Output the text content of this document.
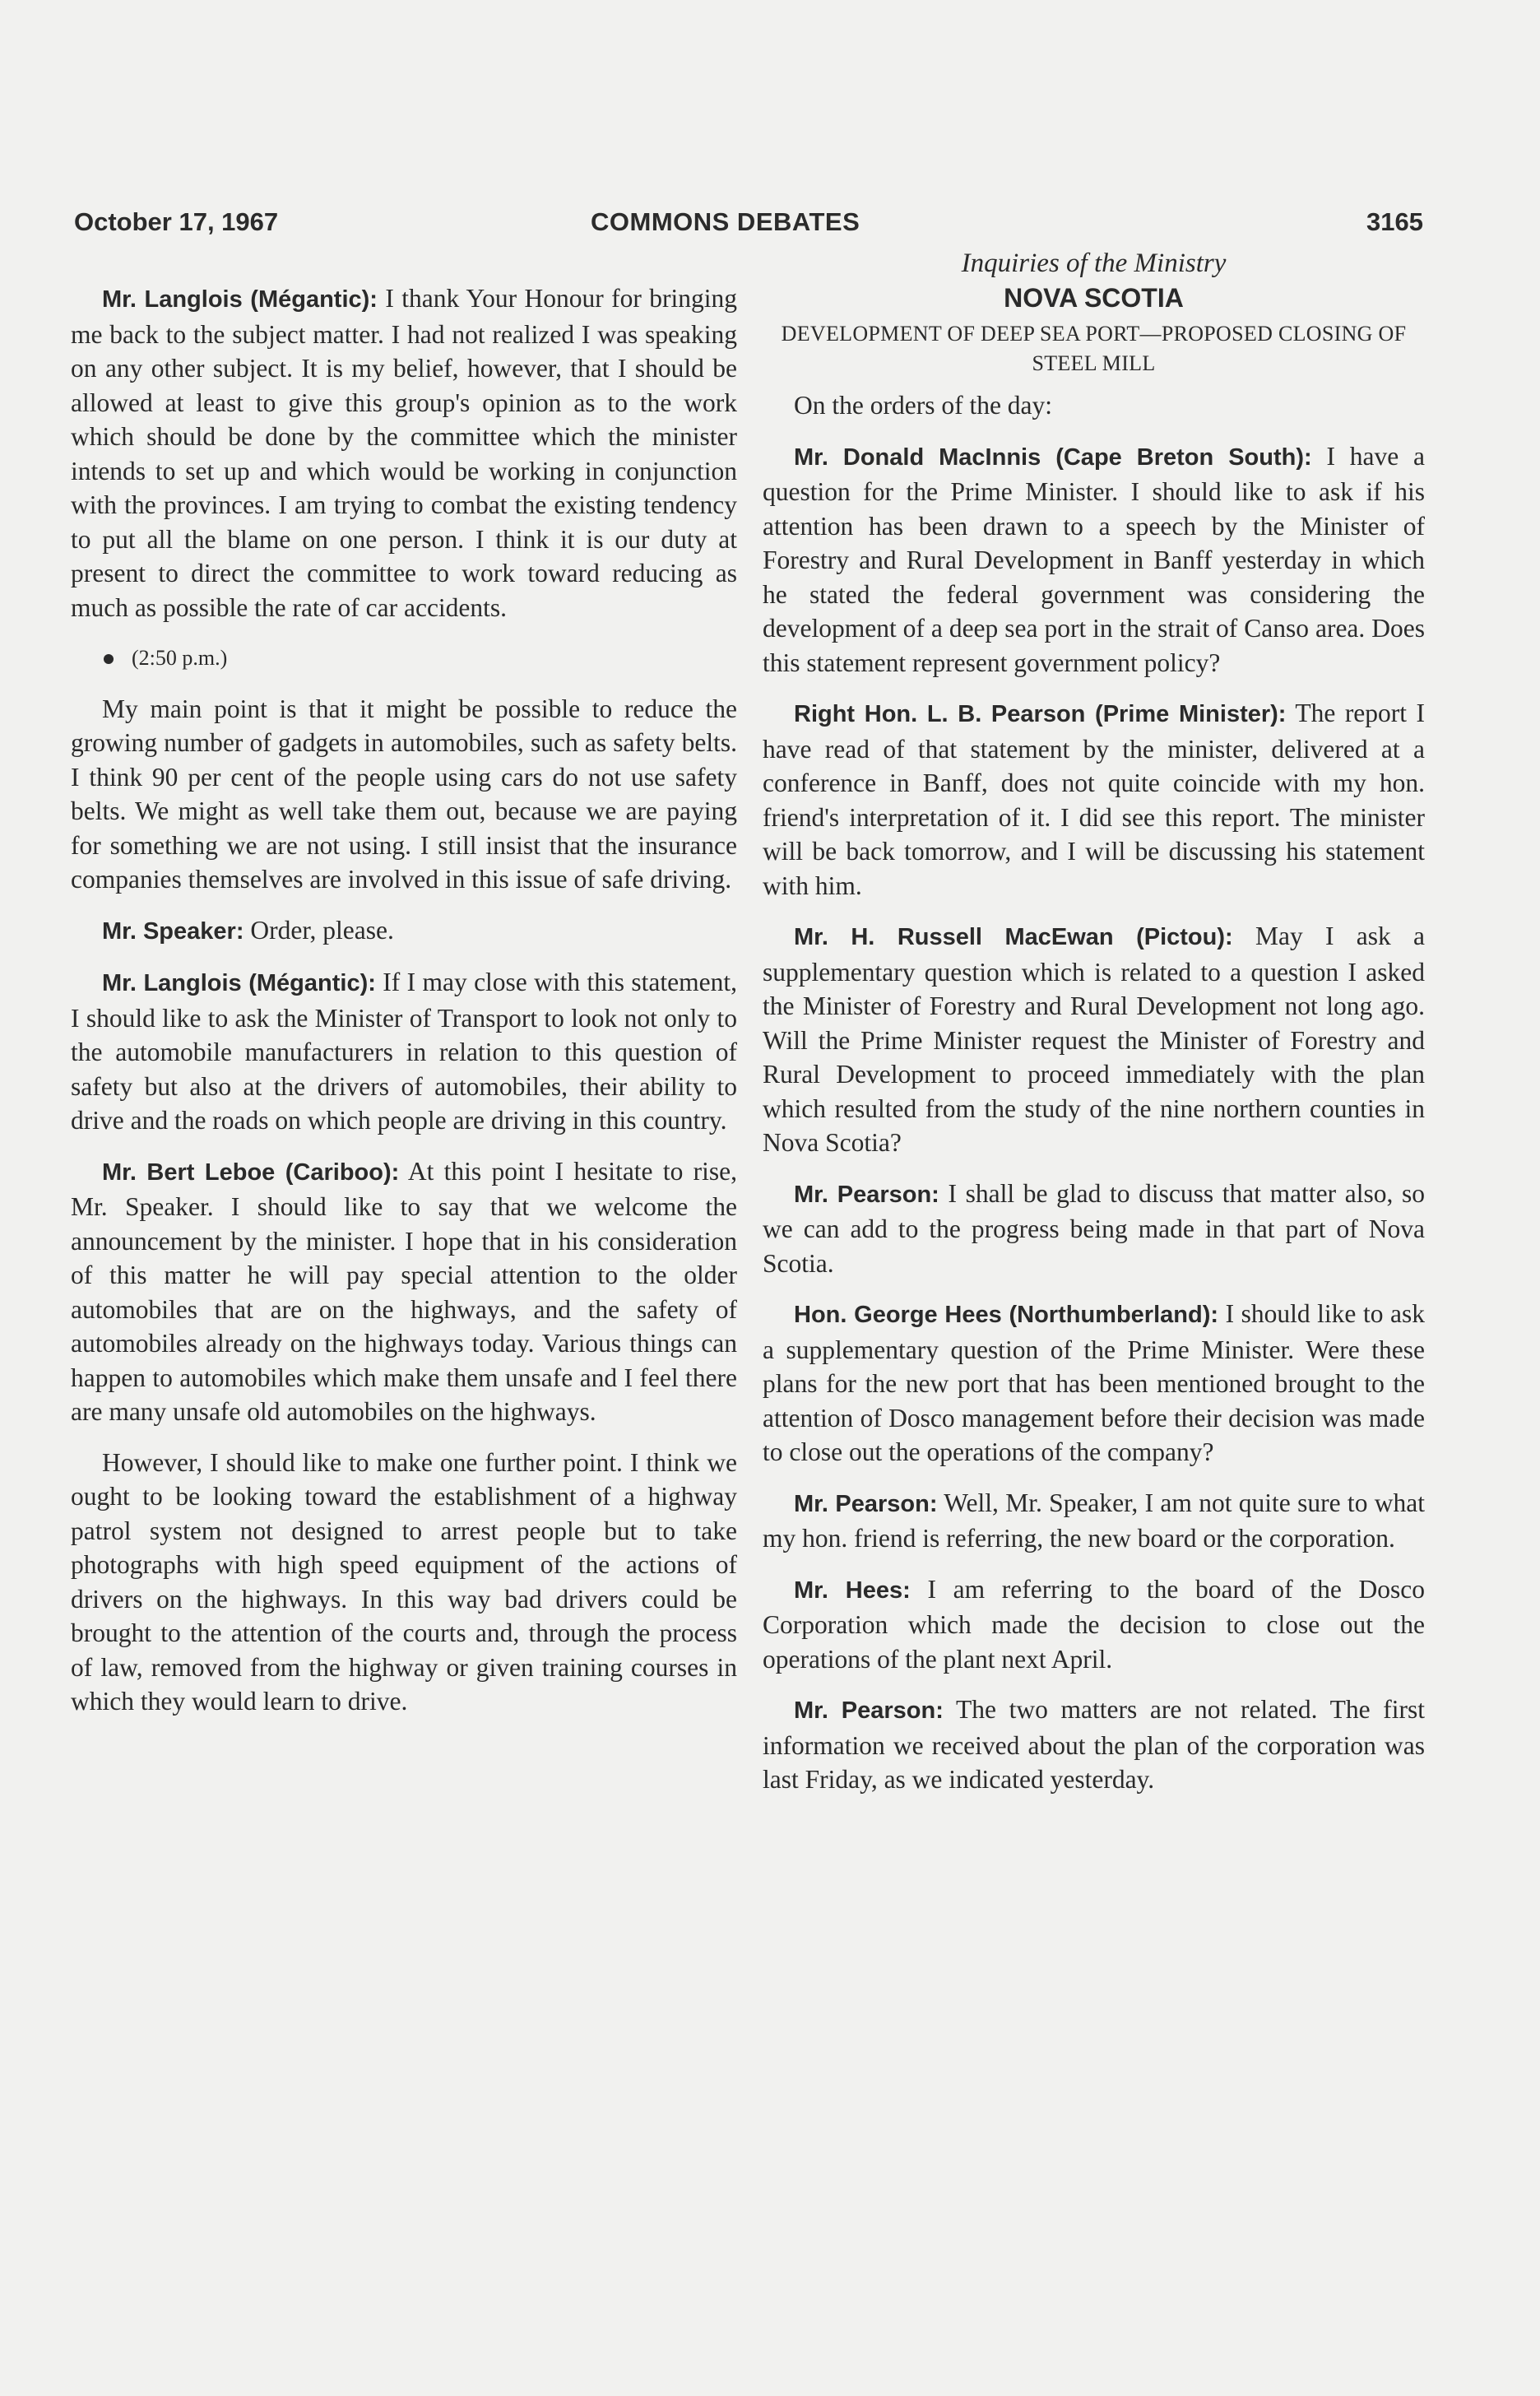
October 17, 1967	COMMONS DEBATES	3165

Mr. Langlois (Mégantic): I thank Your Honour for bringing me back to the subject matter. I had not realized I was speaking on any other subject. It is my belief, however, that I should be allowed at least to give this group's opinion as to the work which should be done by the committee which the minister intends to set up and which would be working in conjunction with the provinces. I am trying to combat the existing tendency to put all the blame on one person. I think it is our duty at present to direct the committee to work toward reducing as much as possible the rate of car accidents.

(2:50 p.m.)

My main point is that it might be possible to reduce the growing number of gadgets in automobiles, such as safety belts. I think 90 per cent of the people using cars do not use safety belts. We might as well take them out, because we are paying for something we are not using. I still insist that the insurance companies themselves are involved in this issue of safe driving.

Mr. Speaker: Order, please.

Mr. Langlois (Mégantic): If I may close with this statement, I should like to ask the Minister of Transport to look not only to the automobile manufacturers in relation to this question of safety but also at the drivers of automobiles, their ability to drive and the roads on which people are driving in this country.

Mr. Bert Leboe (Cariboo): At this point I hesitate to rise, Mr. Speaker. I should like to say that we welcome the announcement by the minister. I hope that in his consideration of this matter he will pay special attention to the older automobiles that are on the highways, and the safety of automobiles already on the highways today. Various things can happen to automobiles which make them unsafe and I feel there are many unsafe old automobiles on the highways.

However, I should like to make one further point. I think we ought to be looking toward the establishment of a highway patrol system not designed to arrest people but to take photographs with high speed equipment of the actions of drivers on the highways. In this way bad drivers could be brought to the attention of the courts and, through the process of law, removed from the highway or given training courses in which they would learn to drive.

Inquiries of the Ministry
NOVA SCOTIA
DEVELOPMENT OF DEEP SEA PORT—PROPOSED CLOSING OF STEEL MILL

On the orders of the day:

Mr. Donald MacInnis (Cape Breton South): I have a question for the Prime Minister. I should like to ask if his attention has been drawn to a speech by the Minister of Forestry and Rural Development in Banff yesterday in which he stated the federal government was considering the development of a deep sea port in the strait of Canso area. Does this statement represent government policy?

Right Hon. L. B. Pearson (Prime Minister): The report I have read of that statement by the minister, delivered at a conference in Banff, does not quite coincide with my hon. friend's interpretation of it. I did see this report. The minister will be back tomorrow, and I will be discussing his statement with him.

Mr. H. Russell MacEwan (Pictou): May I ask a supplementary question which is related to a question I asked the Minister of Forestry and Rural Development not long ago. Will the Prime Minister request the Minister of Forestry and Rural Development to proceed immediately with the plan which resulted from the study of the nine northern counties in Nova Scotia?

Mr. Pearson: I shall be glad to discuss that matter also, so we can add to the progress being made in that part of Nova Scotia.

Hon. George Hees (Northumberland): I should like to ask a supplementary question of the Prime Minister. Were these plans for the new port that has been mentioned brought to the attention of Dosco management before their decision was made to close out the operations of the company?

Mr. Pearson: Well, Mr. Speaker, I am not quite sure to what my hon. friend is referring, the new board or the corporation.

Mr. Hees: I am referring to the board of the Dosco Corporation which made the decision to close out the operations of the plant next April.

Mr. Pearson: The two matters are not related. The first information we received about the plan of the corporation was last Friday, as we indicated yesterday.
